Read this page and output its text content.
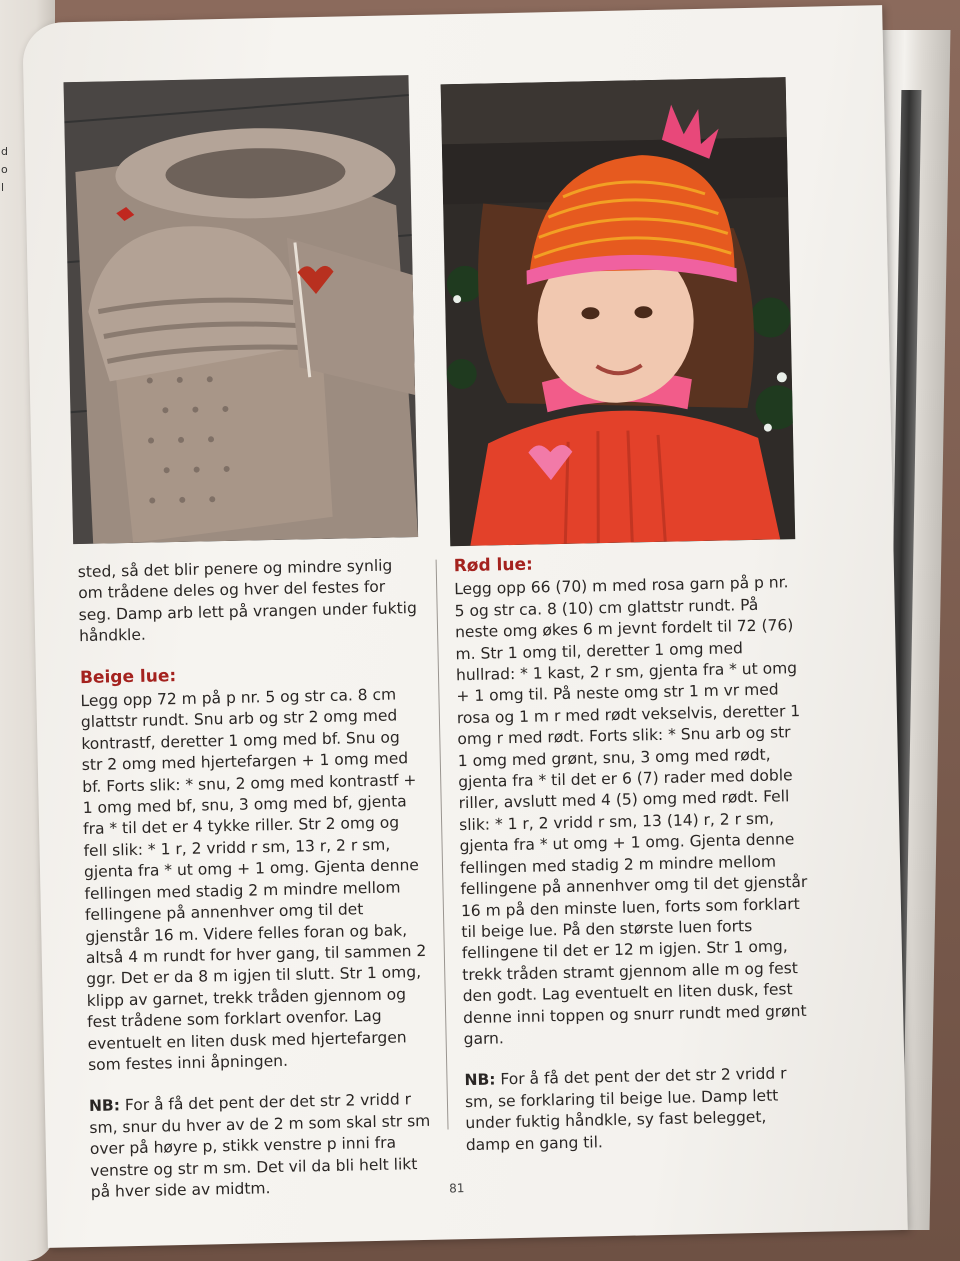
d
o
l

sted, så det blir penere og mindre synlig om trådene deles og hver del festes for seg. Damp arb lett på vrangen under fuktig håndkle.

Beige lue:

Legg opp 72 m på p nr. 5 og str ca. 8 cm glattstr rundt. Snu arb og str 2 omg med kontrastf, deretter 1 omg med bf. Snu og str 2 omg med hjertefargen + 1 omg med bf. Forts slik: * snu, 2 omg med kontrastf + 1 omg med bf, snu, 3 omg med bf, gjenta fra * til det er 4 tykke riller. Str 2 omg og fell slik: * 1 r, 2 vridd r sm, 13 r, 2 r sm, gjenta fra * ut omg + 1 omg. Gjenta denne fellingen med stadig 2 m mindre mellom fellingene på annenhver omg til det gjenstår 16 m. Videre felles foran og bak, altså 4 m rundt for hver gang, til sammen 2 ggr. Det er da 8 m igjen til slutt. Str 1 omg, klipp av garnet, trekk tråden gjennom og fest trådene som forklart ovenfor. Lag eventuelt en liten dusk med hjertefargen som festes inni åpningen.

NB: For å få det pent der det str 2 vridd r sm, snur du hver av de 2 m som skal str sm over på høyre p, stikk venstre p inni fra venstre og str m sm. Det vil da bli helt likt på hver side av midtm.

Rød lue:

Legg opp 66 (70) m med rosa garn på p nr. 5 og str ca. 8 (10) cm glattstr rundt. På neste omg økes 6 m jevnt fordelt til 72 (76) m. Str 1 omg til, deretter 1 omg med hullrad: * 1 kast, 2 r sm, gjenta fra * ut omg + 1 omg til. På neste omg str 1 m vr med rosa og 1 m r med rødt vekselvis, deretter 1 omg r med rødt. Forts slik: * Snu arb og str 1 omg med grønt, snu, 3 omg med rødt, gjenta fra * til det er 6 (7) rader med doble riller, avslutt med 4 (5) omg med rødt. Fell slik: * 1 r, 2 vridd r sm, 13 (14) r, 2 r sm, gjenta fra * ut omg + 1 omg. Gjenta denne fellingen med stadig 2 m mindre mellom fellingene på annenhver omg til det gjenstår 16 m på den minste luen, forts som forklart til beige lue. På den største luen forts fellingene til det er 12 m igjen. Str 1 omg, trekk tråden stramt gjennom alle m og fest den godt. Lag eventuelt en liten dusk, fest denne inni toppen og snurr rundt med grønt garn.

NB: For å få det pent der det str 2 vridd r sm, se forklaring til beige lue. Damp lett under fuktig håndkle, sy fast belegget, damp en gang til.

81
